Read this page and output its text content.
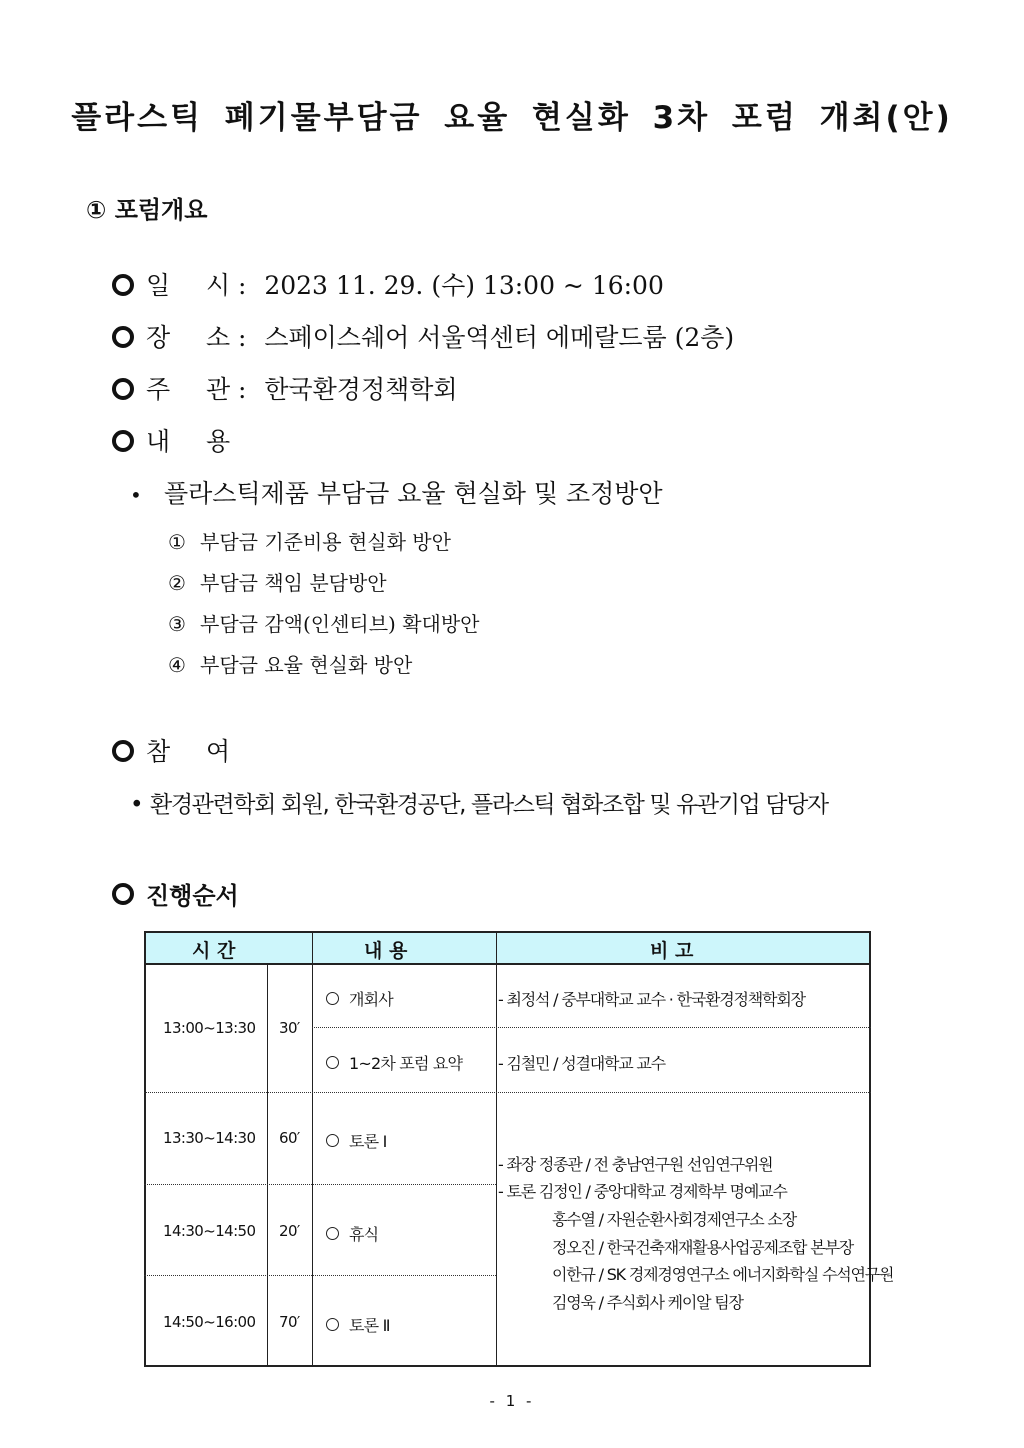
플라스틱 폐기물부담금 요율 현실화 3차 포럼 개최(안)
① 포럼개요
일 시 : 2023 11. 29. (수) 13:00 ~ 16:00
장 소 : 스페이스쉐어 서울역센터 에메랄드룸 (2층)
주 관 : 한국환경정책학회
내 용
• 플라스틱제품 부담금 요율 현실화 및 조정방안
① 부담금 기준비용 현실화 방안
② 부담금 책임 분담방안
③ 부담금 감액(인센티브) 확대방안
④ 부담금 요율 현실화 방안
참 여
• 환경관련학회 회원, 한국환경공단, 플라스틱 협화조합 및 유관기업 담당자
진행순서
시 간	내 용	비 고
13:00~13:30 30′
13:30~14:30 60′
14:30~14:50 20′
14:50~16:00 70′
개회사
1~2차 포럼 요약
토론 Ⅰ
휴식
토론 Ⅱ
- 최정석 / 중부대학교 교수 · 한국환경정책학회장
- 김철민 / 성결대학교 교수
- 좌장 정종관 / 전 충남연구원 선임연구위원
- 토론 김정인 / 중앙대학교 경제학부 명예교수
홍수열 / 자원순환사회경제연구소 소장
정오진 / 한국건축재재활용사업공제조합 본부장
이한규 / SK 경제경영연구소 에너지화학실 수석연구원
김영욱 / 주식회사 케이알 팀장
- 1 -
